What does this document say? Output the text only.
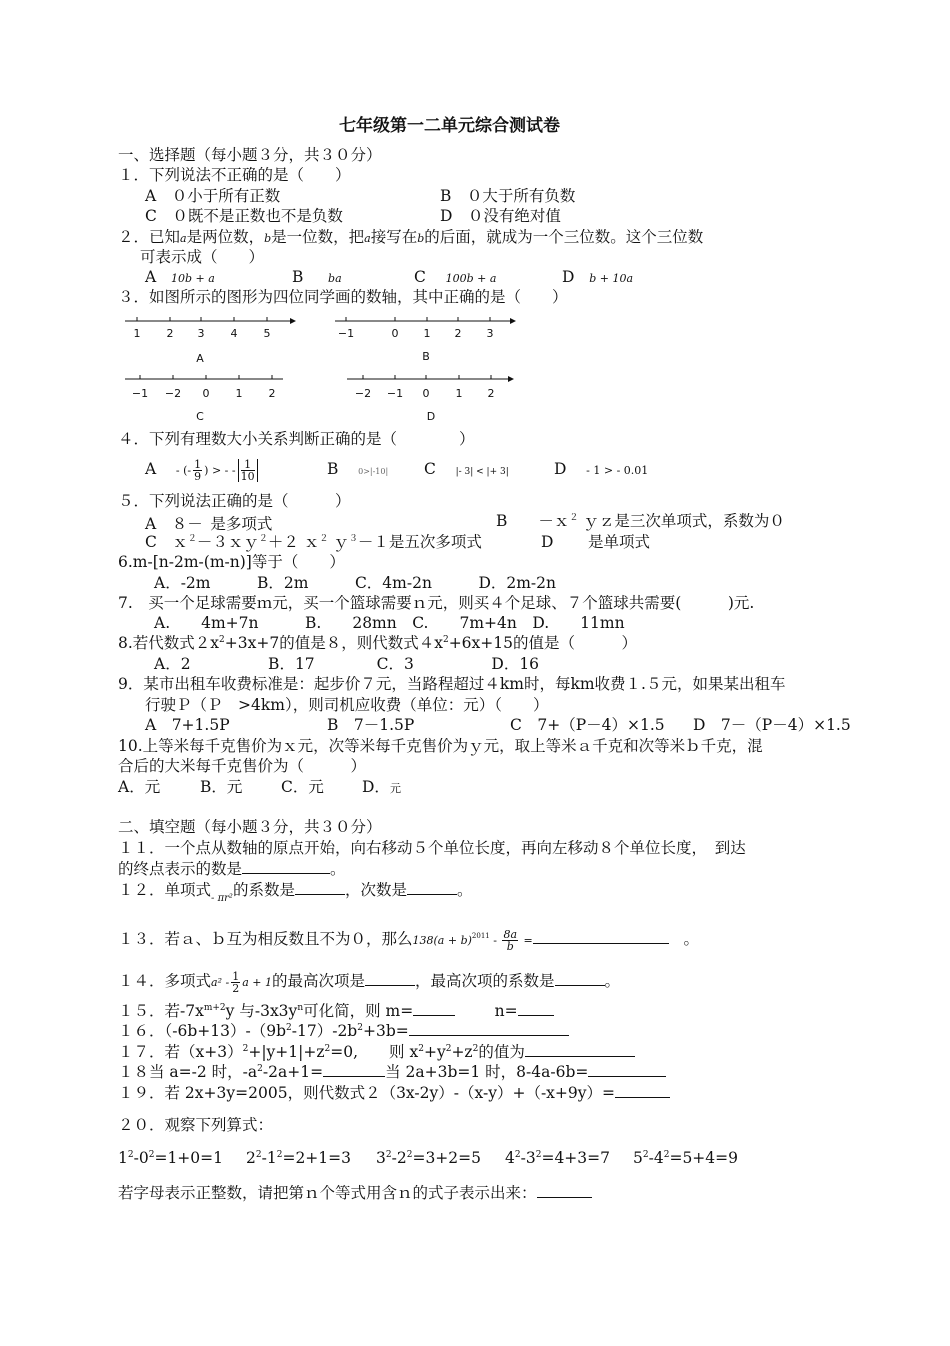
七年级第一二单元综合测试卷
一、选择题（每小题３分，共３０分）
１．下列说法不正确的是（　　）
A　０小于所有正数	B　０大于所有负数
C　０既不是正数也不是负数	D　０没有绝对值
２．已知a是两位数，b是一位数，把a接写在b的后面，就成为一个三位数。这个三位数
可表示成（　　）
A 10b + a	B ba	C 100b + a	D b + 10a
３．如图所示的图形为四位同学画的数轴，其中正确的是（　　）
1 2 3 4 5
A
−1	0 1 2 3
B
−1 −2 0 1 2
C
−2 −1 0 1 2
D
４．下列有理数大小关系判断正确的是（　　　　）
A - (- $\frac{1}{9}$ ) > - - $\frac{1}{10}$	B 0>|-10| C |- 3| < |+ 3|	D - 1 > - 0.01
５．下列说法正确的是（　　　）
A　８－ 是多项式	B　　－ｘ$^2$ ｙｚ是三次单项式，系数为０
C　ｘ$^2$－３ｘｙ$^2$＋２ ｘ$^2$ ｙ$^3$－１是五次多项式	D 是单项式
6.m-[n-2m-(m-n)]等于（　　）
A．-2m　　　B．2m　　　C．4m-2n　　　D．2m-2n
7.　买一个足球需要ｍ元，买一个篮球需要ｎ元，则买４个足球、７个篮球共需要(　　　)元.
A.　　4m+7n　　　B.　　28mn　C.　　7m+4n　D.　　11mn
8.若代数式$2x^2+3x+7$的值是８，则代数式$4x^2+6x+15$的值是（　　　）
A．2　　　　　B．17　　　　C．3　　　　　D．16
9．某市出租车收费标准是：起步价７元，当路程超过４km时，每km收费１.５元，如果某出租车
行驶Ｐ（Ｐ　>4km），则司机应收费（单位：元）（　　）
A　7+1.5P	B　7－1.5P	C　7+（P－4）×1.5 D　7－（P－4）×1.5
10.上等米每千克售价为ｘ元，次等米每千克售价为ｙ元，取上等米ａ千克和次等米ｂ千克，混
合后的大米每千克售价为（　　　）
A．元	B．元 C．元 D．元
二、填空题（每小题３分，共３０分）
１１．一个点从数轴的原点开始，向右移动５个单位长度，再向左移动８个单位长度，　到达
的终点表示的数是	。
１２．单项式$_{- \pi r^2}$的系数是	，次数是	。
１３．若ａ、ｂ互为相反数且不为０，那么$138(a + b)^{2011} - \frac{8a}{b}$ =	。
１４．多项式$a^2 - \frac{1}{2}$ a + 1的最高次项是	，最高次项的系数是	。
１５．若$-7x^{m+2}y$ 与$-3x3y^n$可化简，则 m=	n=
１６．$(-6b+13)-(9b^2-17)-2b^2+3b=$
１７．若$(x+3)^2+|y+1|+z^2=0$,　　则 $x^2+y^2+z^2$的值为
１８当 a=-2 时，$-a^2-2a+1=$	当 2a+3b=1 时，8-4a-6b=
１９．若 2x+3y=2005，则代数式２（3x-2y）-（x-y）+（-x+9y）=
２０．观察下列算式：
$1^2-0^2=1+0=1$ $2^2-1^2=2+1=3$ $3^2-2^2=3+2=5$ $4^2-3^2=4+3=7$ $5^2-4^2=5+4=9$
若字母表示正整数，请把第ｎ个等式用含ｎ的式子表示出来：
